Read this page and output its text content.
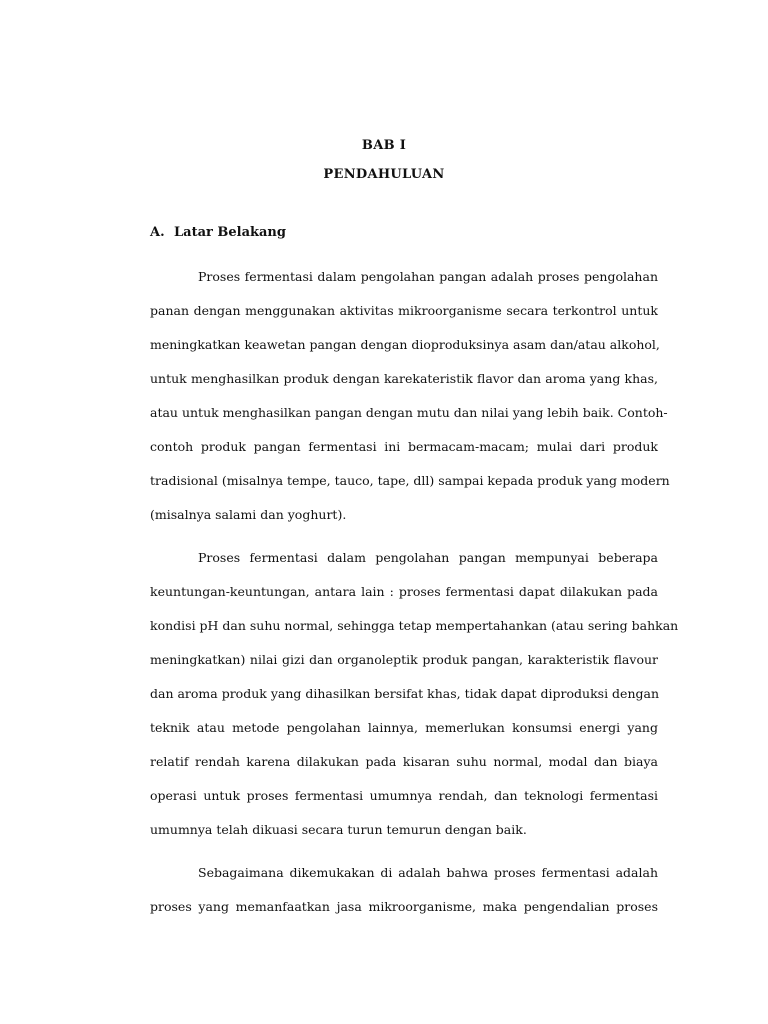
BAB I
PENDAHULUAN
A. Latar Belakang
Proses fermentasi dalam pengolahan pangan adalah proses pengolahan
panan dengan menggunakan aktivitas mikroorganisme secara terkontrol untuk
meningkatkan keawetan pangan dengan dioproduksinya asam dan/atau alkohol,
untuk menghasilkan produk dengan karekateristik flavor dan aroma yang khas,
atau untuk menghasilkan pangan dengan mutu dan nilai yang lebih baik. Contoh-
contoh produk pangan fermentasi ini bermacam-macam; mulai dari produk
tradisional (misalnya tempe, tauco, tape, dll) sampai kepada produk yang modern
(misalnya salami dan yoghurt).
Proses fermentasi dalam pengolahan pangan mempunyai beberapa
keuntungan-keuntungan, antara lain : proses fermentasi dapat dilakukan pada
kondisi pH dan suhu normal, sehingga tetap mempertahankan (atau sering bahkan
meningkatkan) nilai gizi dan organoleptik produk pangan, karakteristik flavour
dan aroma produk yang dihasilkan bersifat khas, tidak dapat diproduksi dengan
teknik atau metode pengolahan lainnya, memerlukan konsumsi energi yang
relatif rendah karena dilakukan pada kisaran suhu normal, modal dan biaya
operasi untuk proses fermentasi umumnya rendah, dan teknologi fermentasi
umumnya telah dikuasi secara turun temurun dengan baik.
Sebagaimana dikemukakan di adalah bahwa proses fermentasi adalah
proses yang memanfaatkan jasa mikroorganisme, maka pengendalian proses
